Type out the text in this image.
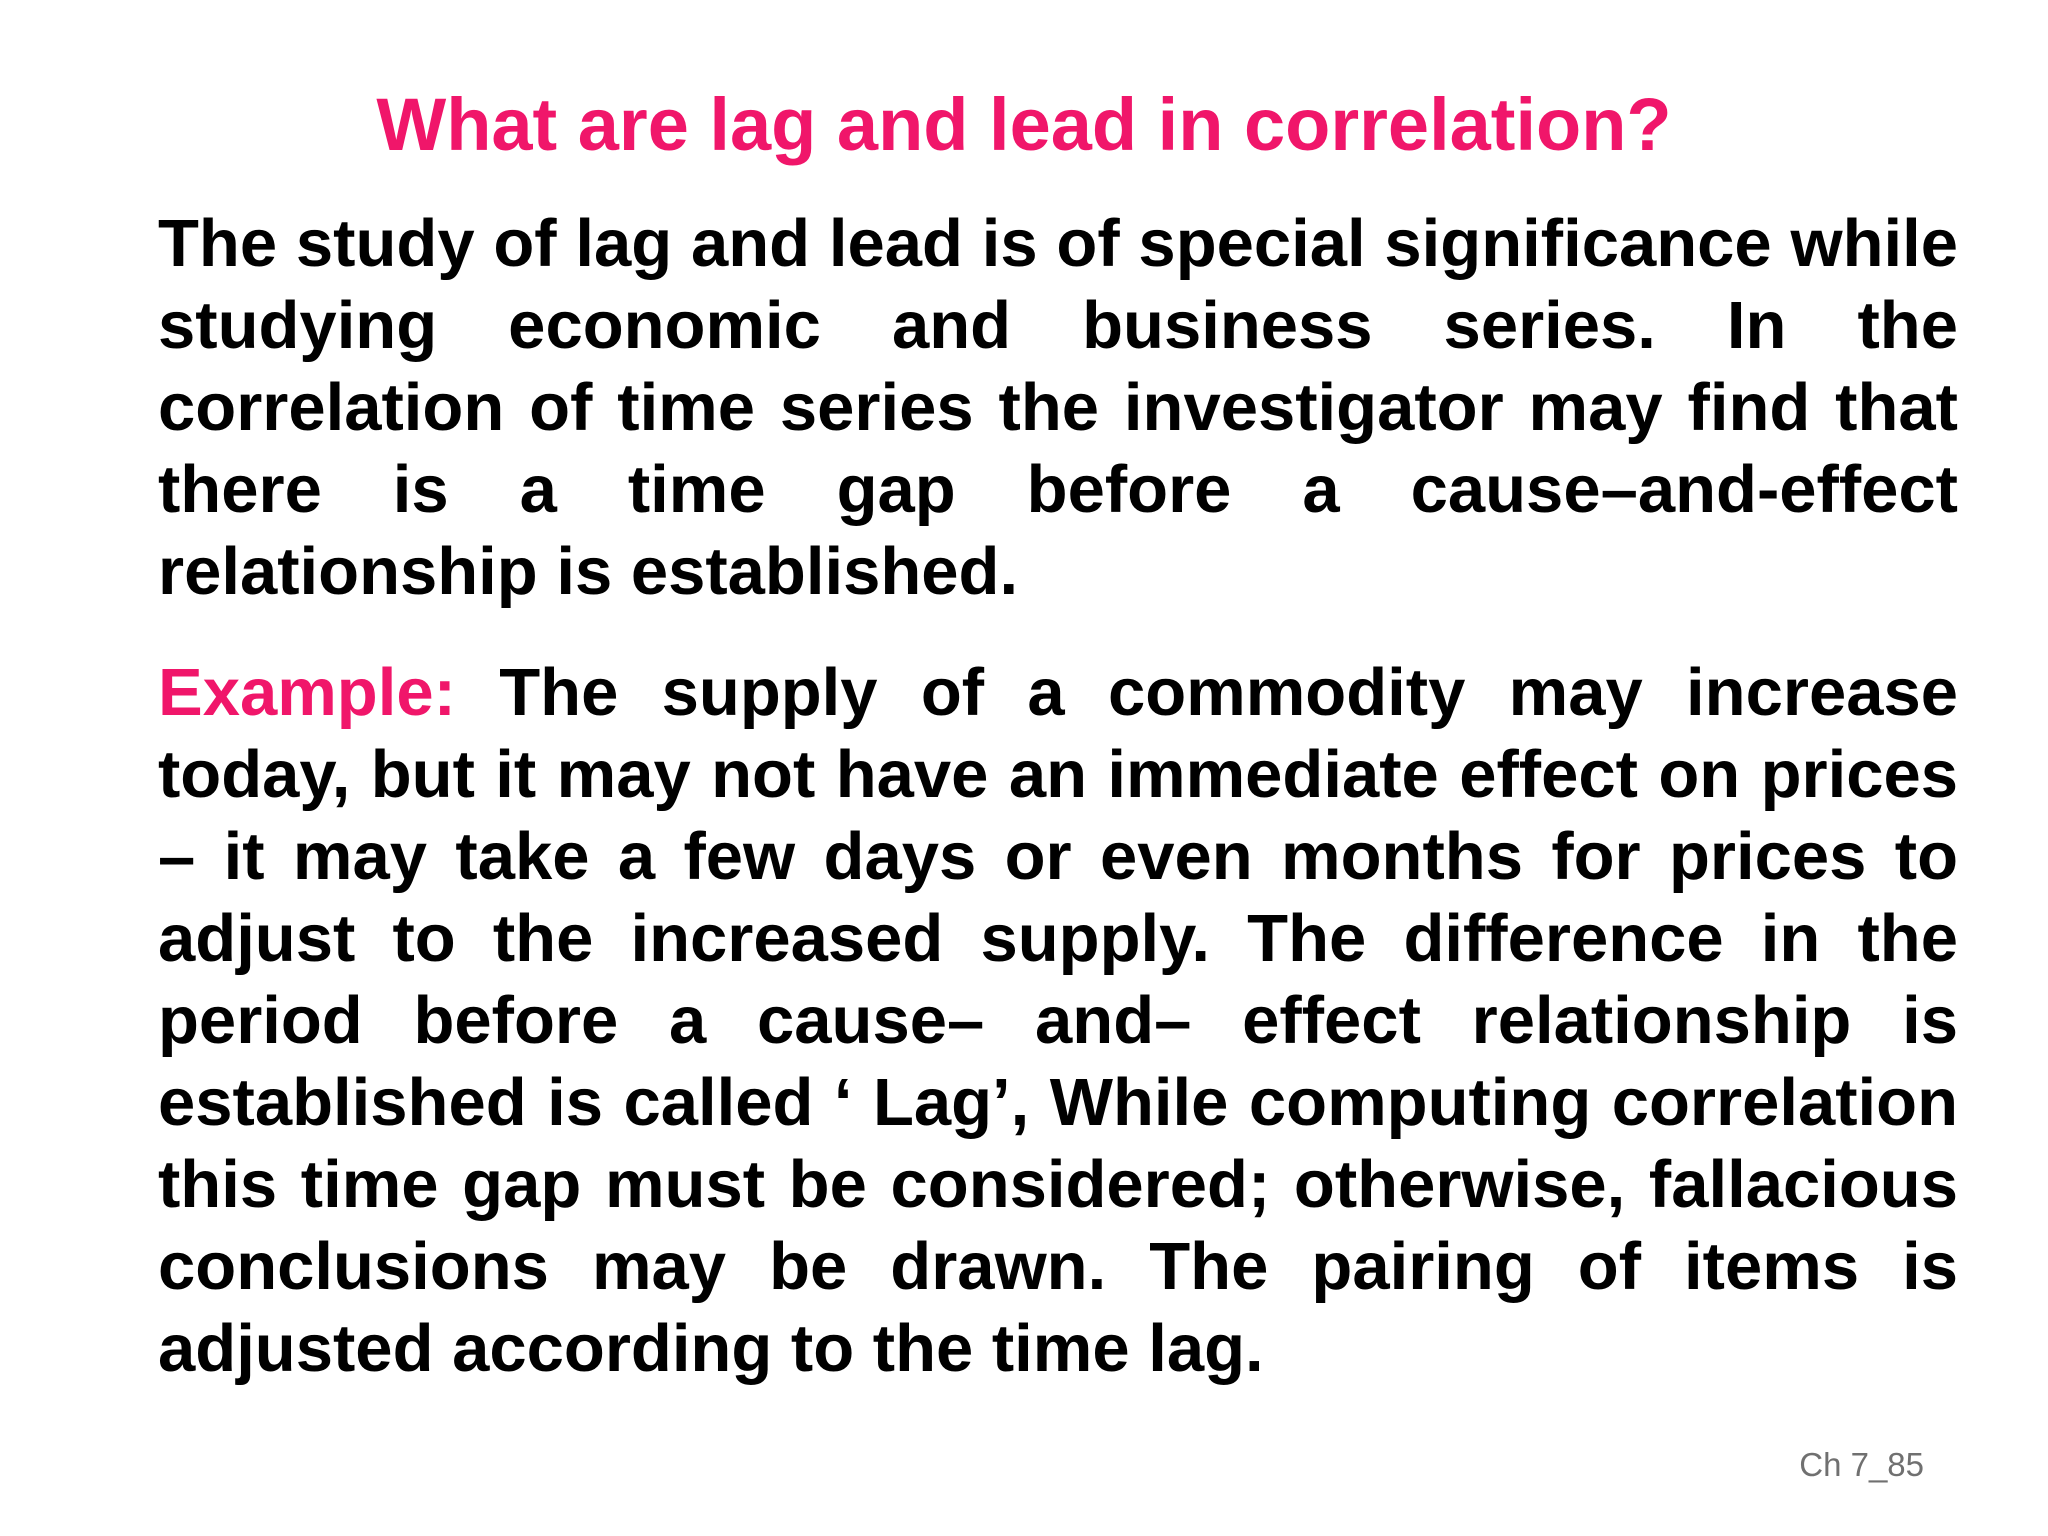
What are lag and lead in correlation?

The study of lag and lead is of special significance while studying economic and business series. In the correlation of time series the investigator may find that there is a time gap before a cause–and-effect relationship is established.

Example: The supply of a commodity may increase today, but it may not have an immediate effect on prices – it may take a few days or even months for prices to adjust to the increased supply. The difference in the period before a cause– and– effect relationship is established is called ‘ Lag’, While computing correlation this time gap must be considered; otherwise, fallacious conclusions may be drawn. The pairing of items is adjusted according to the time lag.

Ch 7_85
